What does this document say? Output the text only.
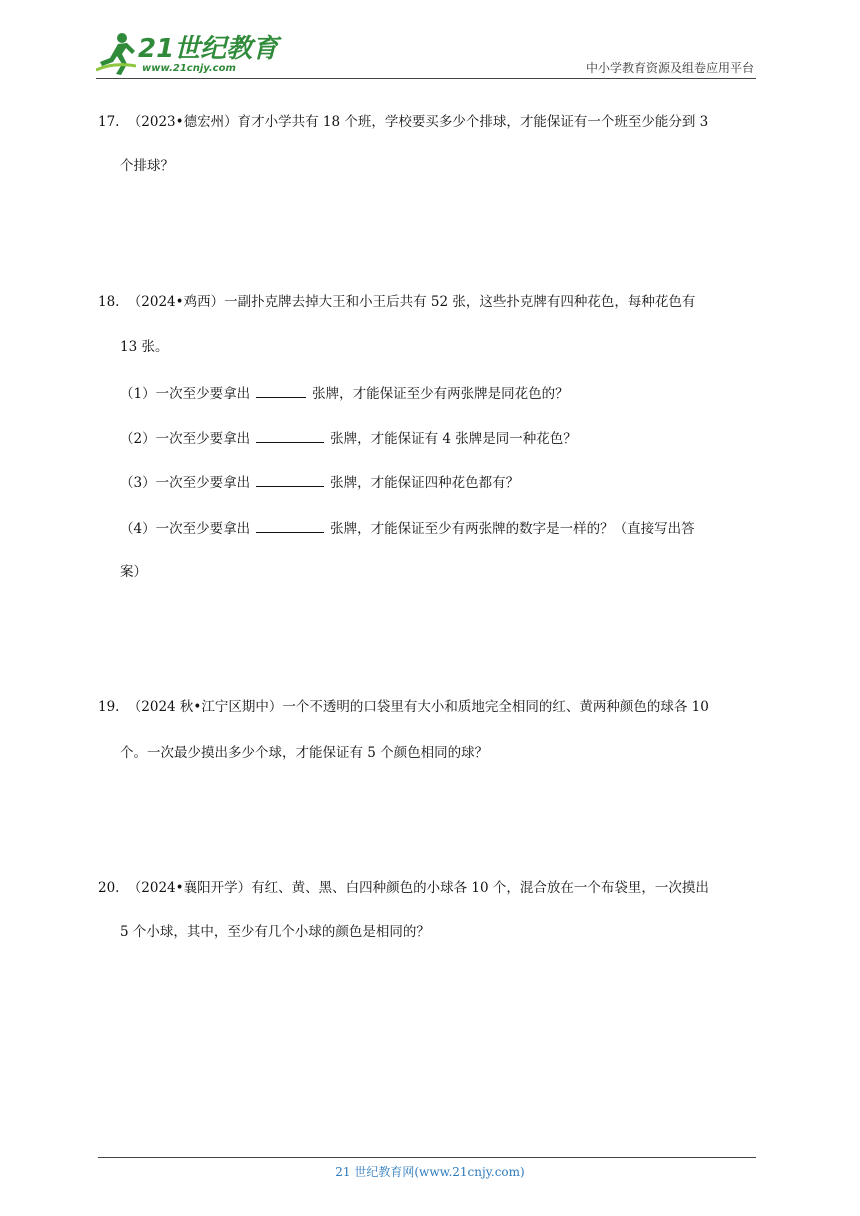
21世纪教育
www.21cnjy.com	中小学教育资源及组卷应用平台
17. （2023•德宏州）育才小学共有 18 个班，学校要买多少个排球，才能保证有一个班至少能分到 3
个排球？
18. （2024•鸡西）一副扑克牌去掉大王和小王后共有 52 张，这些扑克牌有四种花色，每种花色有
13 张。
（1）一次至少要拿出	张牌，才能保证至少有两张牌是同花色的？
（2）一次至少要拿出	张牌，才能保证有 4 张牌是同一种花色？
（3）一次至少要拿出	张牌，才能保证四种花色都有？
（4）一次至少要拿出	张牌，才能保证至少有两张牌的数字是一样的？（直接写出答
案）
19. （2024 秋•江宁区期中）一个不透明的口袋里有大小和质地完全相同的红、黄两种颜色的球各 10
个。一次最少摸出多少个球，才能保证有 5 个颜色相同的球？
20. （2024•襄阳开学）有红、黄、黑、白四种颜色的小球各 10 个，混合放在一个布袋里，一次摸出
5 个小球，其中，至少有几个小球的颜色是相同的？
21 世纪教育网(www.21cnjy.com)
